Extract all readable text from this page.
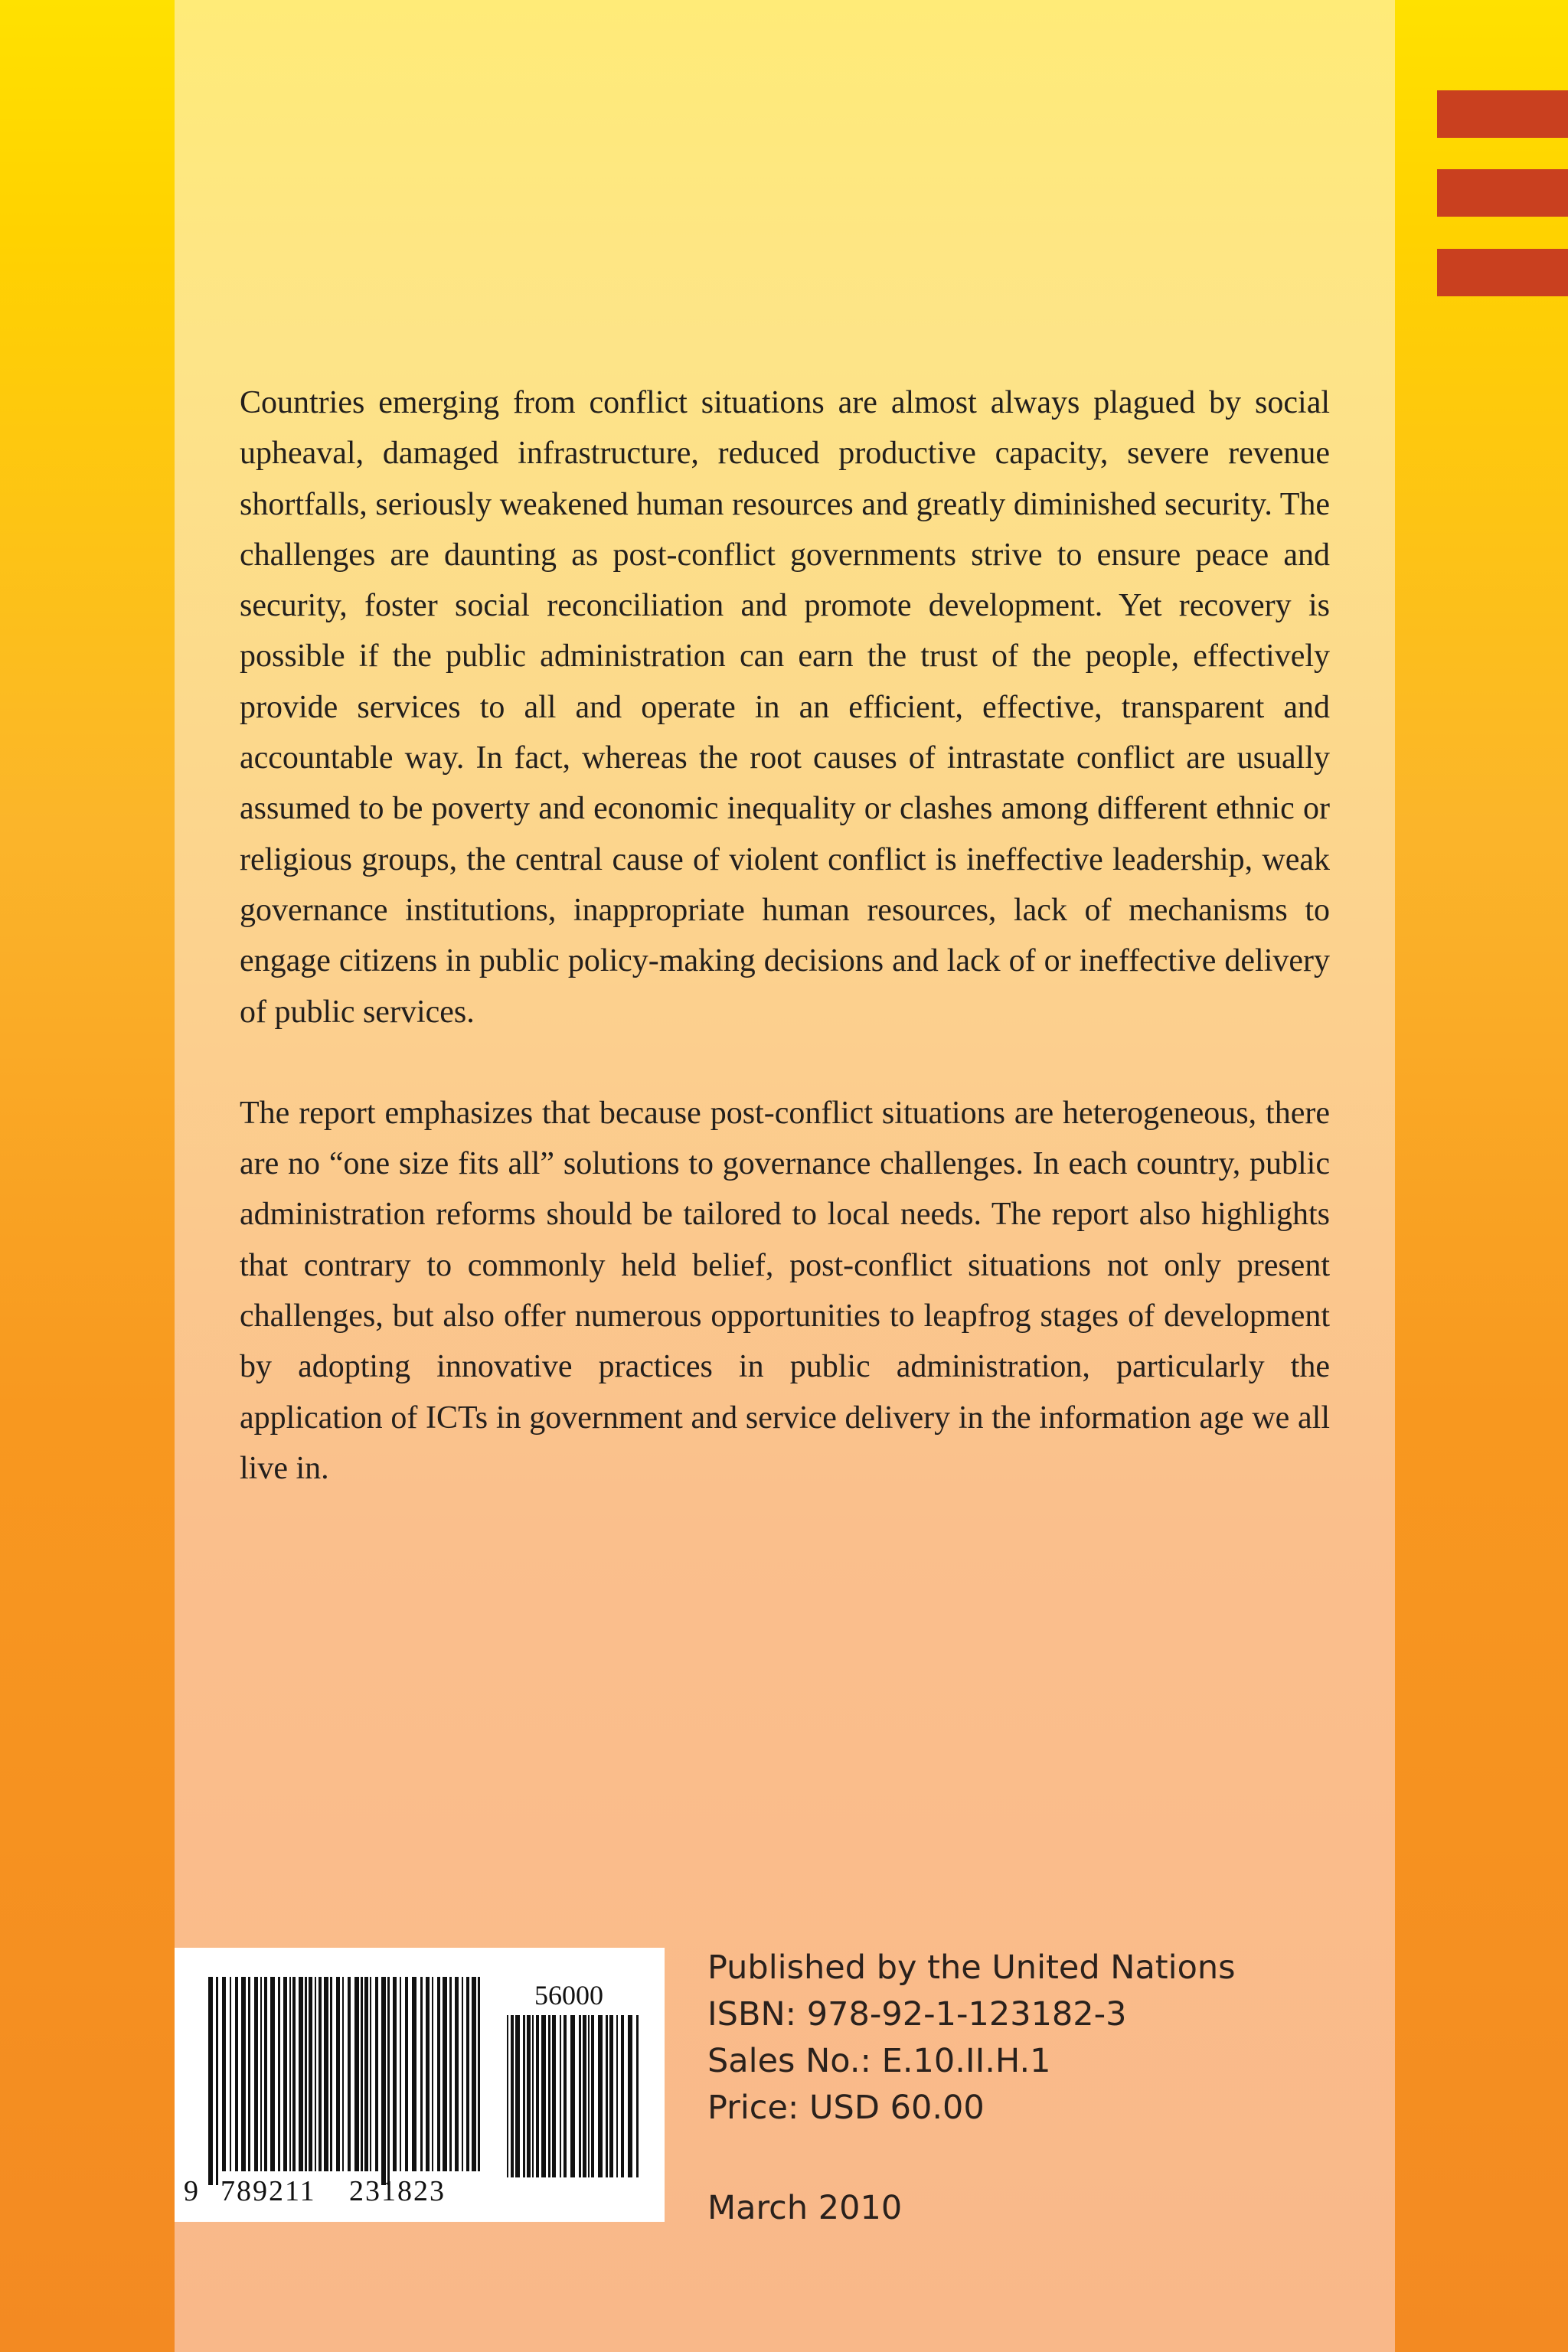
Countries emerging from conflict situations are almost always plagued by social upheaval, damaged infrastructure, reduced productive capacity, severe revenue shortfalls, seriously weakened human resources and greatly diminished security. The challenges are daunting as post-conflict governments strive to ensure peace and security, foster social reconciliation and promote development. Yet recovery is possible if the public administration can earn the trust of the people, effectively provide services to all and operate in an efficient, effective, transparent and accountable way. In fact, whereas the root causes of intrastate conflict are usually assumed to be poverty and economic inequality or clashes among different ethnic or religious groups, the central cause of violent conflict is ineffective leadership, weak governance institutions, inappropriate human resources, lack of mechanisms to engage citizens in public policy-making decisions and lack of or ineffective delivery of public services.

The report emphasizes that because post-conflict situations are heterogeneous, there are no “one size fits all” solutions to governance challenges. In each country, public administration reforms should be tailored to local needs. The report also highlights that contrary to commonly held belief, post-conflict situations not only present challenges, but also offer numerous opportunities to leapfrog stages of development by adopting innovative practices in public administration, particularly the application of ICTs in government and service delivery in the information age we all live in.

9 789211 231823
56000
Published by the United Nations
ISBN: 978-92-1-123182-3
Sales No.: E.10.II.H.1
Price: USD 60.00
March 2010
